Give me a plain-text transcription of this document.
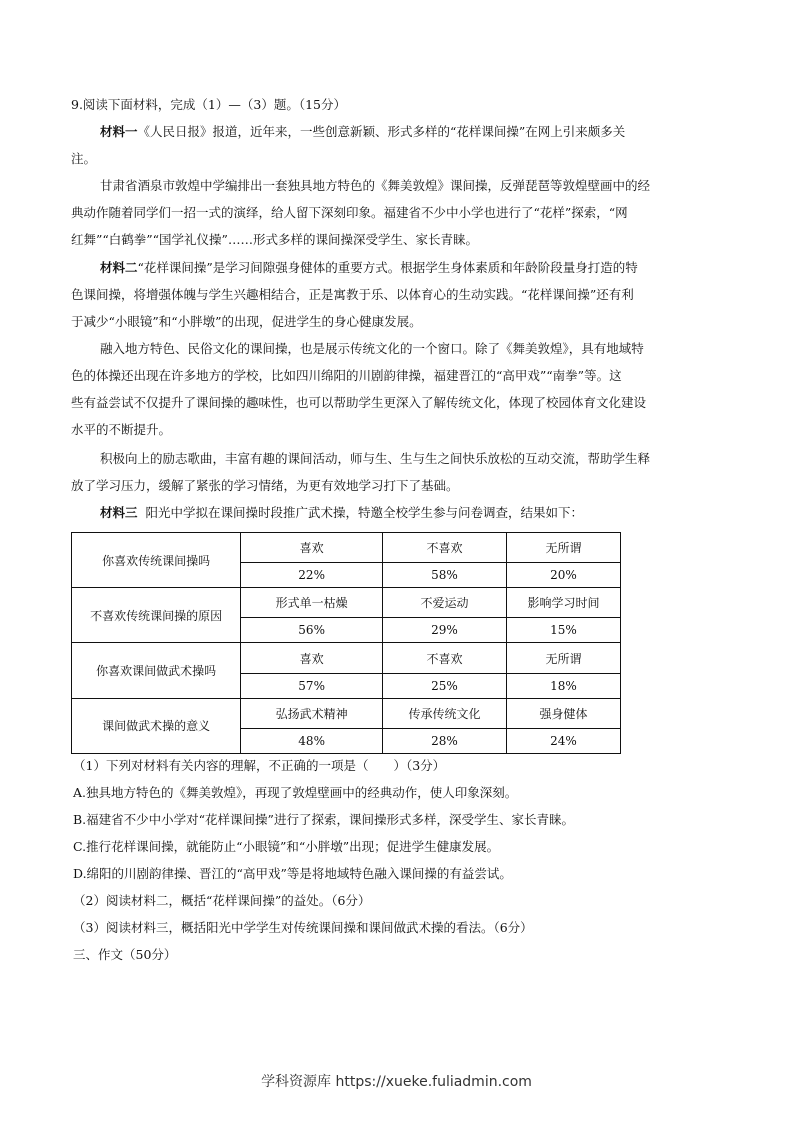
9.阅读下面材料，完成（1）—（3）题。（15分）
材料一《人民日报》报道，近年来，一些创意新颖、形式多样的“花样课间操”在网上引来颇多关
注。
甘肃省酒泉市敦煌中学编排出一套独具地方特色的《舞美敦煌》课间操，反弹琵琶等敦煌壁画中的经
典动作随着同学们一招一式的演绎，给人留下深刻印象。福建省不少中小学也进行了“花样”探索，“网
红舞”“白鹤拳”“国学礼仪操”……形式多样的课间操深受学生、家长青睐。
材料二“花样课间操”是学习间隙强身健体的重要方式。根据学生身体素质和年龄阶段量身打造的特
色课间操，将增强体魄与学生兴趣相结合，正是寓教于乐、以体育心的生动实践。“花样课间操”还有利
于减少“小眼镜”和“小胖墩”的出现，促进学生的身心健康发展。
融入地方特色、民俗文化的课间操，也是展示传统文化的一个窗口。除了《舞美敦煌》，具有地域特
色的体操还出现在许多地方的学校，比如四川绵阳的川剧韵律操，福建晋江的“高甲戏”“南拳”等。这
些有益尝试不仅提升了课间操的趣味性，也可以帮助学生更深入了解传统文化，体现了校园体育文化建设
水平的不断提升。
积极向上的励志歌曲，丰富有趣的课间活动，师与生、生与生之间快乐放松的互动交流，帮助学生释
放了学习压力，缓解了紧张的学习情绪，为更有效地学习打下了基础。
材料三 阳光中学拟在课间操时段推广武术操，特邀全校学生参与问卷调查，结果如下：
你喜欢传统课间操吗	喜欢	不喜欢	无所谓
	22%	58%	20%
不喜欢传统课间操的原因	形式单一枯燥	不爱运动	影响学习时间
	56%	29%	15%
你喜欢课间做武术操吗	喜欢	不喜欢	无所谓
	57%	25%	18%
课间做武术操的意义	弘扬武术精神	传承传统文化	强身健体
	48%	28%	24%
（1）下列对材料有关内容的理解，不正确的一项是（　　）（3分）
A.独具地方特色的《舞美敦煌》，再现了敦煌壁画中的经典动作，使人印象深刻。
B.福建省不少中小学对“花样课间操”进行了探索，课间操形式多样，深受学生、家长青睐。
C.推行花样课间操，就能防止“小眼镜”和“小胖墩”出现；促进学生健康发展。
D.绵阳的川剧韵律操、晋江的“高甲戏”等是将地域特色融入课间操的有益尝试。
（2）阅读材料二，概括“花样课间操”的益处。（6分）
（3）阅读材料三，概括阳光中学学生对传统课间操和课间做武术操的看法。（6分）
三、作文（50分）
学科资源库 https://xueke.fuliadmin.com
